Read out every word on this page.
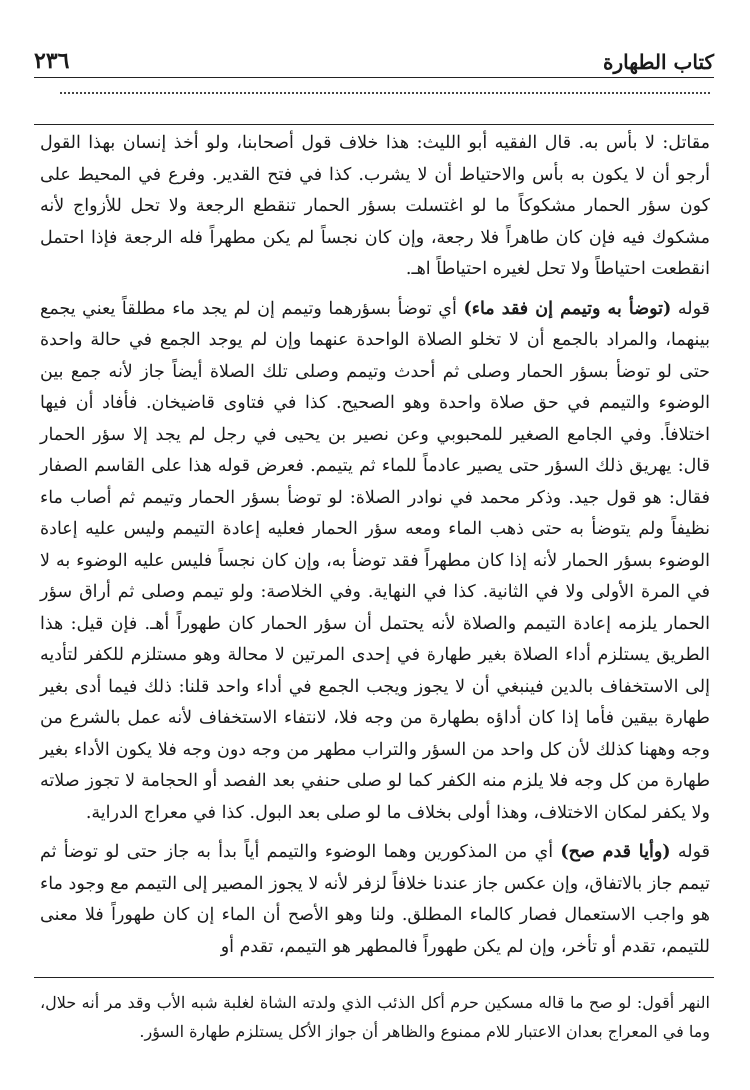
٢٣٦	كتاب الطهارة

مقاتل: لا بأس به. قال الفقيه أبو الليث: هذا خلاف قول أصحابنا، ولو أخذ إنسان بهذا القول أرجو أن لا يكون به بأس والاحتياط أن لا يشرب. كذا في فتح القدير. وفرع في المحيط على كون سؤر الحمار مشكوكاً ما لو اغتسلت بسؤر الحمار تنقطع الرجعة ولا تحل للأزواج لأنه مشكوك فيه فإن كان طاهراً فلا رجعة، وإن كان نجساً لم يكن مطهراً فله الرجعة فإذا احتمل انقطعت احتياطاً ولا تحل لغيره احتياطاً اهـ.

قوله (توضأ به وتيمم إن فقد ماء) أي توضأ بسؤرهما وتيمم إن لم يجد ماء مطلقاً يعني يجمع بينهما، والمراد بالجمع أن لا تخلو الصلاة الواحدة عنهما وإن لم يوجد الجمع في حالة واحدة حتى لو توضأ بسؤر الحمار وصلى ثم أحدث وتيمم وصلى تلك الصلاة أيضاً جاز لأنه جمع بين الوضوء والتيمم في حق صلاة واحدة وهو الصحيح. كذا في فتاوى قاضيخان. فأفاد أن فيها اختلافاً. وفي الجامع الصغير للمحبوبي وعن نصير بن يحيى في رجل لم يجد إلا سؤر الحمار قال: يهريق ذلك السؤر حتى يصير عادماً للماء ثم يتيمم. فعرض قوله هذا على القاسم الصفار فقال: هو قول جيد. وذكر محمد في نوادر الصلاة: لو توضأ بسؤر الحمار وتيمم ثم أصاب ماء نظيفاً ولم يتوضأ به حتى ذهب الماء ومعه سؤر الحمار فعليه إعادة التيمم وليس عليه إعادة الوضوء بسؤر الحمار لأنه إذا كان مطهراً فقد توضأ به، وإن كان نجساً فليس عليه الوضوء به لا في المرة الأولى ولا في الثانية. كذا في النهاية. وفي الخلاصة: ولو تيمم وصلى ثم أراق سؤر الحمار يلزمه إعادة التيمم والصلاة لأنه يحتمل أن سؤر الحمار كان طهوراً أهـ. فإن قيل: هذا الطريق يستلزم أداء الصلاة بغير طهارة في إحدى المرتين لا محالة وهو مستلزم للكفر لتأديه إلى الاستخفاف بالدين فينبغي أن لا يجوز ويجب الجمع في أداء واحد قلنا: ذلك فيما أدى بغير طهارة بيقين فأما إذا كان أداؤه بطهارة من وجه فلا، لانتفاء الاستخفاف لأنه عمل بالشرع من وجه وههنا كذلك لأن كل واحد من السؤر والتراب مطهر من وجه دون وجه فلا يكون الأداء بغير طهارة من كل وجه فلا يلزم منه الكفر كما لو صلى حنفي بعد الفصد أو الحجامة لا تجوز صلاته ولا يكفر لمكان الاختلاف، وهذا أولى بخلاف ما لو صلى بعد البول. كذا في معراج الدراية.

قوله (وأيا قدم صح) أي من المذكورين وهما الوضوء والتيمم أياً بدأ به جاز حتى لو توضأ ثم تيمم جاز بالاتفاق، وإن عكس جاز عندنا خلافاً لزفر لأنه لا يجوز المصير إلى التيمم مع وجود ماء هو واجب الاستعمال فصار كالماء المطلق. ولنا وهو الأصح أن الماء إن كان طهوراً فلا معنى للتيمم، تقدم أو تأخر، وإن لم يكن طهوراً فالمطهر هو التيمم، تقدم أو

النهر أقول: لو صح ما قاله مسكين حرم أكل الذئب الذي ولدته الشاة لغلبة شبه الأب وقد مر أنه حلال، وما في المعراج بعدان الاعتبار للام ممنوع والظاهر أن جواز الأكل يستلزم طهارة السؤر.
